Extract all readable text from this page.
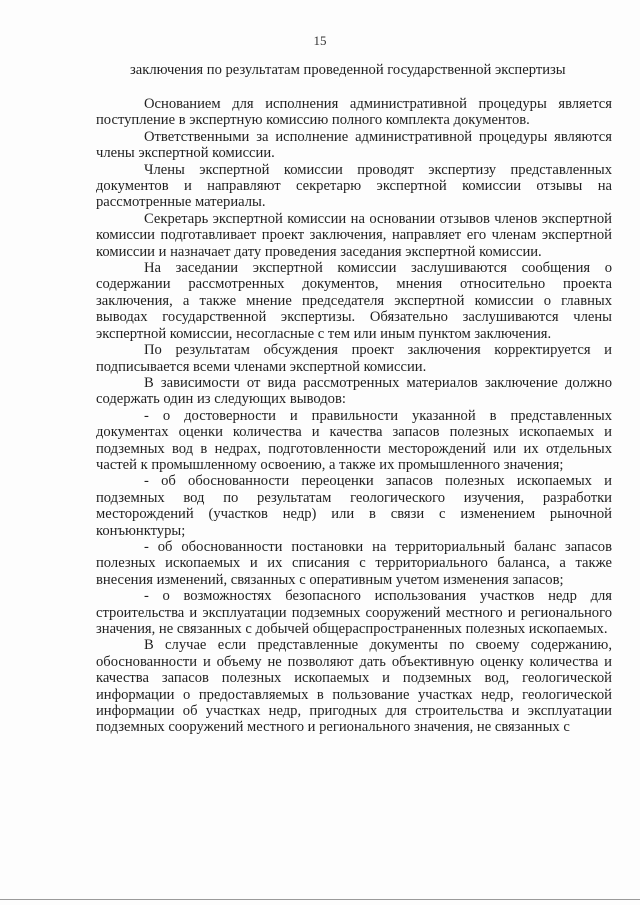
15
заключения по результатам проведенной государственной экспертизы

Основанием для исполнения административной процедуры является поступление в экспертную комиссию полного комплекта документов.

Ответственными за исполнение административной процедуры являются члены экспертной комиссии.

Члены экспертной комиссии проводят экспертизу представленных документов и направляют секретарю экспертной комиссии отзывы на рассмотренные материалы.

Секретарь экспертной комиссии на основании отзывов членов экспертной комиссии подготавливает проект заключения, направляет его членам экспертной комиссии и назначает дату проведения заседания экспертной комиссии.

На заседании экспертной комиссии заслушиваются сообщения о содержании рассмотренных документов, мнения относительно проекта заключения, а также мнение председателя экспертной комиссии о главных выводах государственной экспертизы. Обязательно заслушиваются члены экспертной комиссии, несогласные с тем или иным пунктом заключения.

По результатам обсуждения проект заключения корректируется и подписывается всеми членами экспертной комиссии.

В зависимости от вида рассмотренных материалов заключение должно содержать один из следующих выводов:

- о достоверности и правильности указанной в представленных документах оценки количества и качества запасов полезных ископаемых и подземных вод в недрах, подготовленности месторождений или их отдельных частей к промышленному освоению, а также их промышленного значения;

- об обоснованности переоценки запасов полезных ископаемых и подземных вод по результатам геологического изучения, разработки месторождений (участков недр) или в связи с изменением рыночной конъюнктуры;

- об обоснованности постановки на территориальный баланс запасов полезных ископаемых и их списания с территориального баланса, а также внесения изменений, связанных с оперативным учетом изменения запасов;

- о возможностях безопасного использования участков недр для строительства и эксплуатации подземных сооружений местного и регионального значения, не связанных с добычей общераспространенных полезных ископаемых.

В случае если представленные документы по своему содержанию, обоснованности и объему не позволяют дать объективную оценку количества и качества запасов полезных ископаемых и подземных вод, геологической информации о предоставляемых в пользование участках недр, геологической информации об участках недр, пригодных для строительства и эксплуатации подземных сооружений местного и регионального значения, не связанных с
